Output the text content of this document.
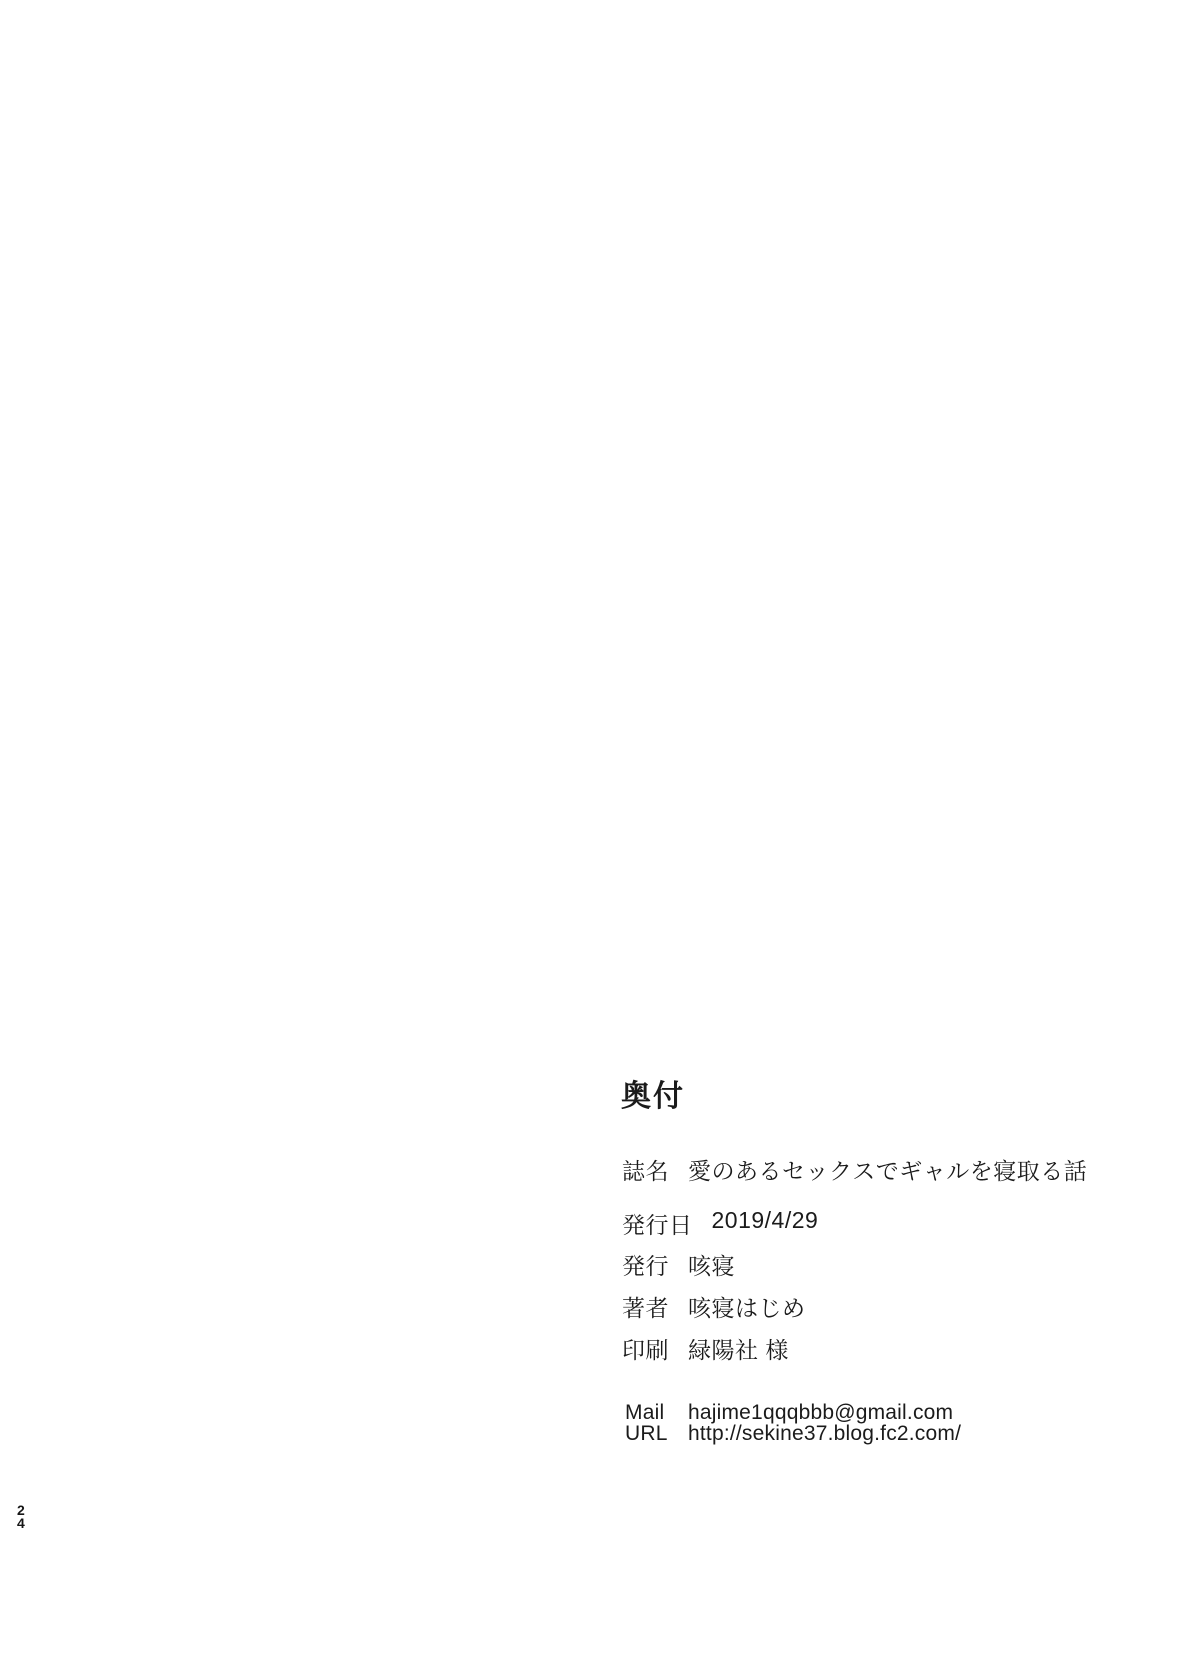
奥付
誌名 愛のあるセックスでギャルを寝取る話
発行日 2019/4/29
発行 咳寝
著者 咳寝はじめ
印刷 緑陽社 様
Mail hajime1qqqbbb@gmail.com
URL http://sekine37.blog.fc2.com/
2
4
